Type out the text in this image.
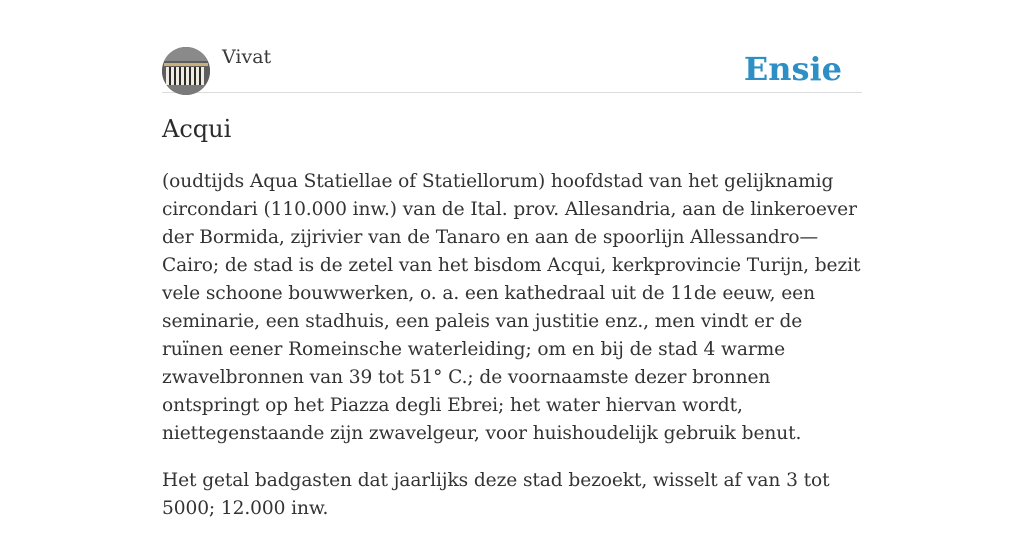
Vivat	Ensie
Acqui

(oudtijds Aqua Statiellae of Statiellorum) hoofdstad van het gelijknamig circondari (110.000 inw.) van de Ital. prov. Allesandria, aan de linkeroever der Bormida, zijrivier van de Tanaro en aan de spoorlijn Allessandro—Cairo; de stad is de zetel van het bisdom Acqui, kerkprovincie Turijn, bezit vele schoone bouwwerken, o. a. een kathedraal uit de 11de eeuw, een seminarie, een stadhuis, een paleis van justitie enz., men vindt er de ruïnen eener Romeinsche waterleiding; om en bij de stad 4 warme zwavelbronnen van 39 tot 51° C.; de voornaamste dezer bronnen ontspringt op het Piazza degli Ebrei; het water hiervan wordt, niettegenstaande zijn zwavelgeur, voor huishoudelijk gebruik benut.

Het getal badgasten dat jaarlijks deze stad bezoekt, wisselt af van 3 tot 5000; 12.000 inw.
